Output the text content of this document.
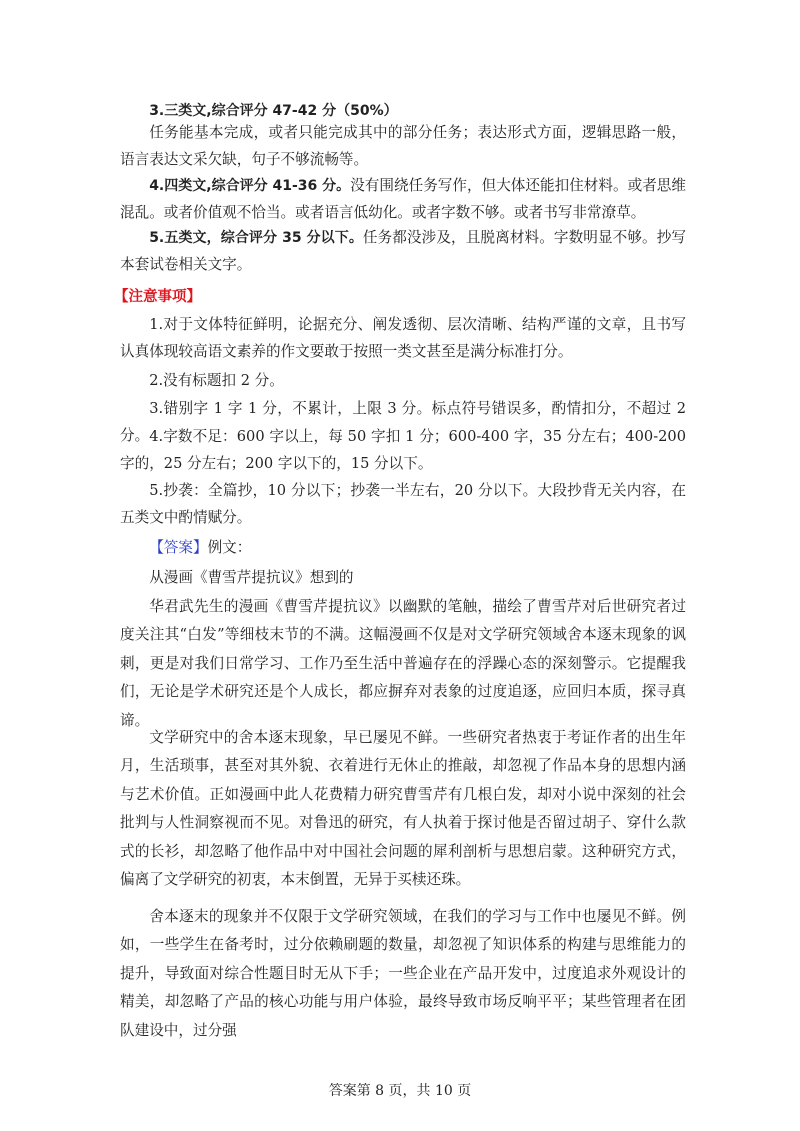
3.三类文,综合评分 47-42 分（50%）

任务能基本完成，或者只能完成其中的部分任务；表达形式方面，逻辑思路一般，语言表达文采欠缺，句子不够流畅等。

4.四类文,综合评分 41-36 分。没有围绕任务写作，但大体还能扣住材料。或者思维混乱。或者价值观不恰当。或者语言低幼化。或者字数不够。或者书写非常潦草。

5.五类文，综合评分 35 分以下。任务都没涉及，且脱离材料。字数明显不够。抄写本套试卷相关文字。

【注意事项】

1.对于文体特征鲜明，论据充分、阐发透彻、层次清晰、结构严谨的文章，且书写认真体现较高语文素养的作文要敢于按照一类文甚至是满分标准打分。

2.没有标题扣 2 分。

3.错别字 1 字 1 分，不累计，上限 3 分。标点符号错误多，酌情扣分，不超过 2 分。 4.字数不足：600 字以上，每 50 字扣 1 分；600-400 字，35 分左右；400-200 字的，25 分左右；200 字以下的，15 分以下。

5.抄袭：全篇抄，10 分以下；抄袭一半左右，20 分以下。大段抄背无关内容，在五类文中酌情赋分。

【答案】例文：

从漫画《曹雪芹提抗议》想到的

华君武先生的漫画《曹雪芹提抗议》以幽默的笔触，描绘了曹雪芹对后世研究者过度关注其“白发”等细枝末节的不满。这幅漫画不仅是对文学研究领域舍本逐末现象的讽刺，更是对我们日常学习、工作乃至生活中普遍存在的浮躁心态的深刻警示。它提醒我们，无论是学术研究还是个人成长，都应摒弃对表象的过度追逐，应回归本质，探寻真谛。

文学研究中的舍本逐末现象，早已屡见不鲜。一些研究者热衷于考证作者的出生年月，生活琐事，甚至对其外貌、衣着进行无休止的推敲，却忽视了作品本身的思想内涵与艺术价值。正如漫画中此人花费精力研究曹雪芹有几根白发，却对小说中深刻的社会批判与人性洞察视而不见。对鲁迅的研究，有人执着于探讨他是否留过胡子、穿什么款式的长衫，却忽略了他作品中对中国社会问题的犀利剖析与思想启蒙。这种研究方式，偏离了文学研究的初衷，本末倒置，无异于买椟还珠。

舍本逐末的现象并不仅限于文学研究领域，在我们的学习与工作中也屡见不鲜。例如，一些学生在备考时，过分依赖刷题的数量，却忽视了知识体系的构建与思维能力的提升，导致面对综合性题目时无从下手；一些企业在产品开发中，过度追求外观设计的精美，却忽略了产品的核心功能与用户体验，最终导致市场反响平平；某些管理者在团队建设中，过分强

答案第 8 页，共 10 页
